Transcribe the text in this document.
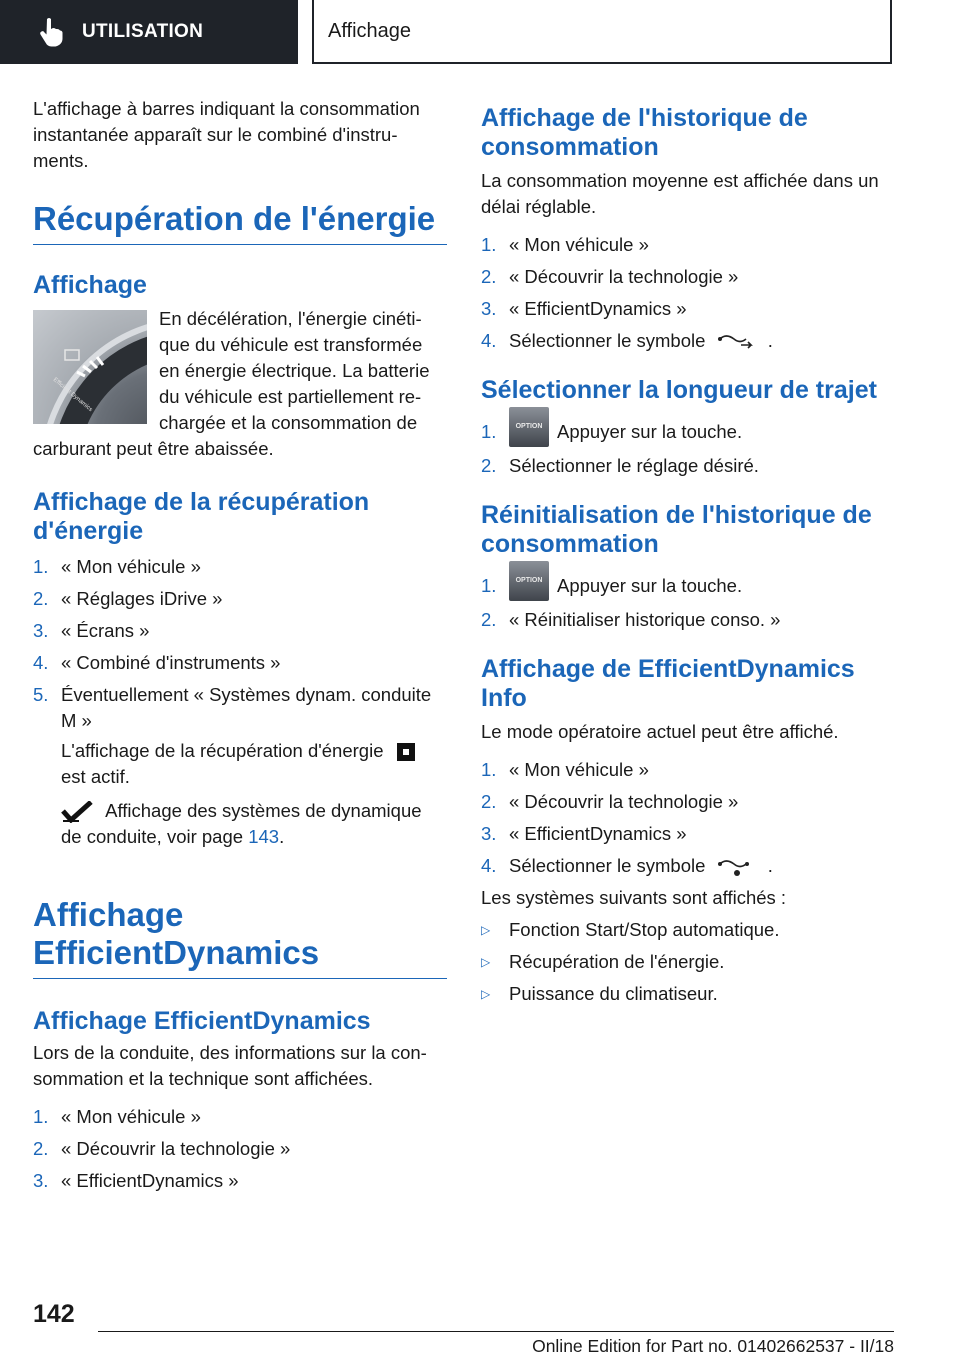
UTILISATION	Affichage

L'affichage à barres indiquant la consommation instantanée apparaît sur le combiné d'instru-ments.

Récupération de l'énergie
Affichage
Efficient Dynamics

En décélération, l'énergie cinéti-que du véhicule est transformée en énergie électrique. La batterie du véhicule est partiellement re-chargée et la consommation de carburant peut être abaissée.

Affichage de la récupération d'énergie
1. « Mon véhicule »
2. « Réglages iDrive »
3. « Écrans »
4. « Combiné d'instruments »
5. Éventuellement « Systèmes dynam. conduite M »
L'affichage de la récupération d'énergie
est actif.
Affichage des systèmes de dynamique de conduite, voir page 143.
Affichage EfficientDynamics
Affichage EfficientDynamics

Lors de la conduite, des informations sur la con-sommation et la technique sont affichées.

1. « Mon véhicule »
2. « Découvrir la technologie »
3. « EfficientDynamics »
Affichage de l'historique de consommation

La consommation moyenne est affichée dans un délai réglable.

1. « Mon véhicule »
2. « Découvrir la technologie »
3. « EfficientDynamics »
4. Sélectionner le symbole	.
Sélectionner la longueur de trajet
1.	OPTION Appuyer sur la touche.
2. Sélectionner le réglage désiré.
Réinitialisation de l'historique de consommation
1.	OPTION Appuyer sur la touche.
2. « Réinitialiser historique conso. »
Affichage de EfficientDynamics Info

Le mode opératoire actuel peut être affiché.

1. « Mon véhicule »
2. « Découvrir la technologie »
3. « EfficientDynamics »
4. Sélectionner le symbole	.

Les systèmes suivants sont affichés :

▷	Fonction Start/Stop automatique.
▷	Récupération de l'énergie.
▷	Puissance du climatiseur.
142
Online Edition for Part no. 01402662537 - II/18
